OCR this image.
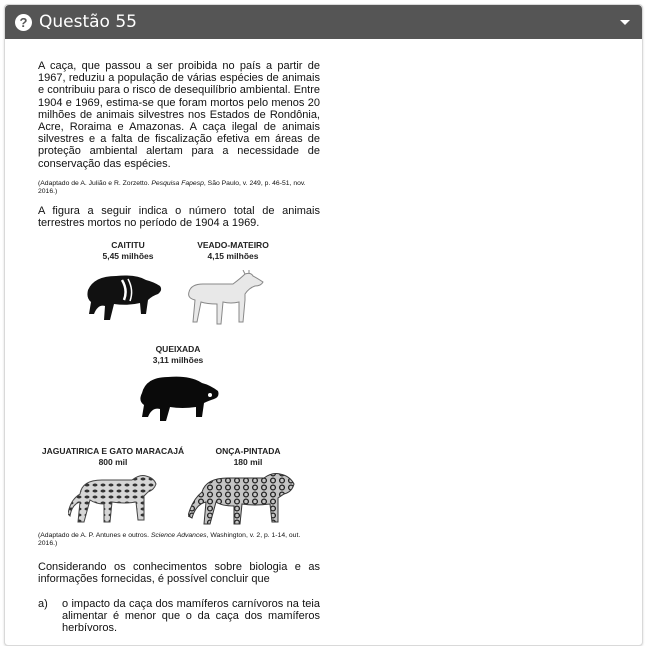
? Questão 55

A caça, que passou a ser proibida no país a partir de 1967, reduziu a população de várias espécies de animais e contribuiu para o risco de desequilíbrio ambiental. Entre 1904 e 1969, estima-se que foram mortos pelo menos 20 milhões de animais silvestres nos Estados de Rondônia, Acre, Roraima e Amazonas. A caça ilegal de animais silvestres e a falta de fiscalização efetiva em áreas de proteção ambiental alertam para a necessidade de conservação das espécies.

(Adaptado de A. Julião e R. Zorzetto. Pesquisa Fapesp, São Paulo, v. 249, p. 46-51, nov. 2016.)

A figura a seguir indica o número total de animais terrestres mortos no período de 1904 a 1969.

CAITITU
5,45 milhões
VEADO-MATEIRO
4,15 milhões
QUEIXADA
3,11 milhões
JAGUATIRICA E GATO MARACAJÁ
800 mil
ONÇA-PINTADA
180 mil

(Adaptado de A. P. Antunes e outros. Science Advances, Washington, v. 2, p. 1-14, out. 2016.)

Considerando os conhecimentos sobre biologia e as informações fornecidas, é possível concluir que

a)	o impacto da caça dos mamíferos carnívoros na teia alimentar é menor que o da caça dos mamíferos herbívoros.
